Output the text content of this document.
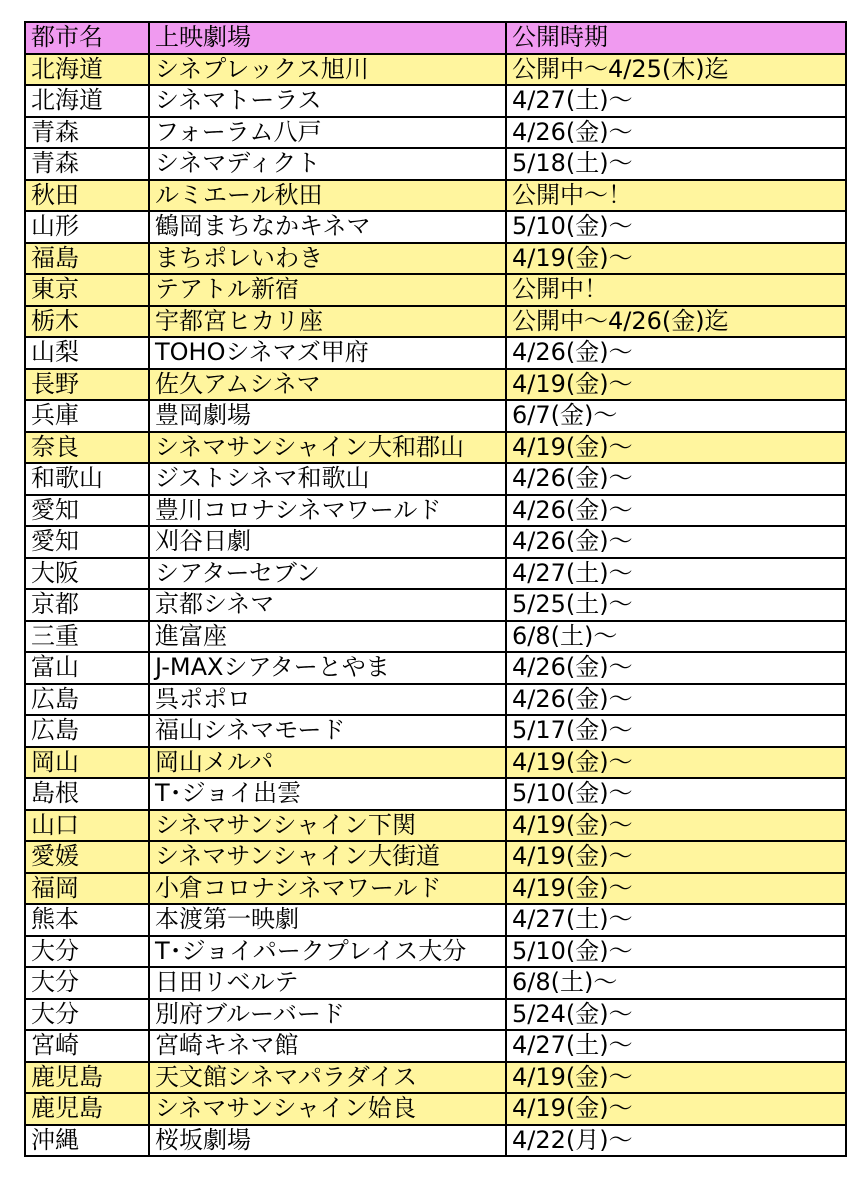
都市名	上映劇場	公開時期
北海道	シネプレックス旭川	公開中～4/25(木)迄
北海道	シネマトーラス	4/27(土)～
青森	フォーラム八戸	4/26(金)～
青森	シネマディクト	5/18(土)～
秋田	ルミエール秋田	公開中～！
山形	鶴岡まちなかキネマ	5/10(金)～
福島	まちポレいわき	4/19(金)～
東京	テアトル新宿	公開中！
栃木	宇都宮ヒカリ座	公開中～4/26(金)迄
山梨	TOHOシネマズ甲府	4/26(金)～
長野	佐久アムシネマ	4/19(金)～
兵庫	豊岡劇場	6/7(金)～
奈良	シネマサンシャイン大和郡山	4/19(金)～
和歌山	ジストシネマ和歌山	4/26(金)～
愛知	豊川コロナシネマワールド	4/26(金)～
愛知	刈谷日劇	4/26(金)～
大阪	シアターセブン	4/27(土)～
京都	京都シネマ	5/25(土)～
三重	進富座	6/8(土)～
富山	J-MAXシアターとやま	4/26(金)～
広島	呉ポポロ	4/26(金)～
広島	福山シネマモード	5/17(金)～
岡山	岡山メルパ	4/19(金)～
島根	T･ジョイ出雲	5/10(金)～
山口	シネマサンシャイン下関	4/19(金)～
愛媛	シネマサンシャイン大街道	4/19(金)～
福岡	小倉コロナシネマワールド	4/19(金)～
熊本	本渡第一映劇	4/27(土)～
大分	T･ジョイパークプレイス大分	5/10(金)～
大分	日田リベルテ	6/8(土)～
大分	別府ブルーバード	5/24(金)～
宮崎	宮崎キネマ館	4/27(土)～
鹿児島	天文館シネマパラダイス	4/19(金)～
鹿児島	シネマサンシャイン姶良	4/19(金)～
沖縄	桜坂劇場	4/22(月)～
